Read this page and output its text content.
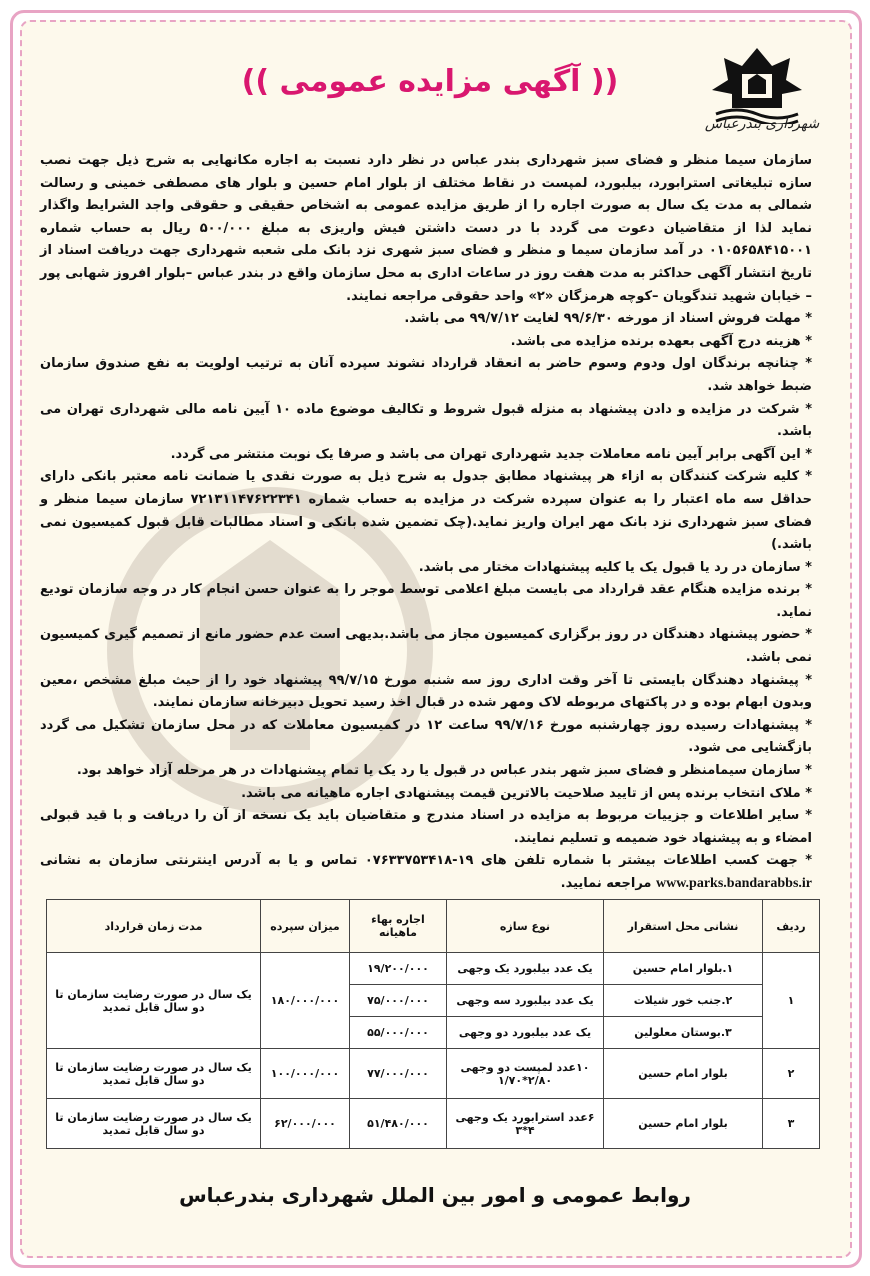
شهرداری بندرعباس
(( آگهی مزایده عمومی ))

سازمان سیما منظر و فضای سبز شهرداری بندر عباس در نظر دارد نسبت به اجاره مکانهایی به شرح ذیل جهت نصب سازه تبلیغاتی استرابورد، بیلبورد، لمپست در نقاط مختلف از بلوار امام حسین و بلوار های مصطفی خمینی و رسالت شمالی به مدت یک سال به صورت اجاره را از طریق مزایده عمومی به اشخاص حقیقی و حقوقی واجد الشرایط واگذار نماید لذا از متقاضیان دعوت می گردد با در دست داشتن فیش واریزی به مبلغ ۵۰۰/۰۰۰ ریال به حساب شماره ۰۱۰۵۶۵۸۴۱۵۰۰۱ در آمد سازمان سیما و منظر و فضای سبز شهری نزد بانک ملی شعبه شهرداری جهت دریافت اسناد از تاریخ انتشار آگهی حداکثر به مدت هفت روز در ساعات اداری به محل سازمان واقع در بندر عباس –بلوار افروز شهابی پور – خیابان شهید تندگویان –کوچه هرمزگان «۲» واحد حقوقی مراجعه نمایند.

* مهلت فروش اسناد از مورخه ۹۹/۶/۳۰ لغایت ۹۹/۷/۱۲ می باشد.

* هزینه درج آگهی بعهده برنده مزایده می باشد.

* چنانچه برندگان اول ودوم وسوم حاضر به انعقاد قرارداد نشوند سپرده آنان به ترتیب اولویت به نفع صندوق سازمان ضبط خواهد شد.

* شرکت در مزایده و دادن پیشنهاد به منزله قبول شروط و تکالیف موضوع ماده ۱۰ آیین نامه مالی شهرداری تهران می باشد.

* این آگهی برابر آیین نامه معاملات جدید شهرداری تهران می باشد و صرفا یک نوبت منتشر می گردد.

* کلیه شرکت کنندگان به ازاء هر پیشنهاد مطابق جدول به شرح ذیل به صورت نقدی یا ضمانت نامه معتبر بانکی دارای حداقل سه ماه اعتبار را به عنوان سپرده شرکت در مزایده به حساب شماره ۷۲۱۳۱۱۴۷۶۲۲۳۴۱ سازمان سیما منظر و فضای سبز شهرداری نزد بانک مهر ایران واریز نماید.(چک تضمین شده بانکی و اسناد مطالبات قابل قبول کمیسیون نمی باشد.)

* سازمان در رد یا قبول یک یا کلیه پیشنهادات مختار می باشد.

* برنده مزایده هنگام عقد قرارداد می بایست مبلغ اعلامی توسط موجر را به عنوان حسن انجام کار در وجه سازمان تودیع نماید.

* حضور پیشنهاد دهندگان در روز برگزاری کمیسیون مجاز می باشد.بدیهی است عدم حضور مانع از تصمیم گیری کمیسیون نمی باشد.

* پیشنهاد دهندگان بایستی تا آخر وقت اداری روز سه شنبه مورخ ۹۹/۷/۱۵ پیشنهاد خود را از حیث مبلغ مشخص ،معین وبدون ابهام بوده و در پاکتهای مربوطه لاک ومهر شده در قبال اخذ رسید تحویل دبیرخانه سازمان نمایند.

* پیشنهادات رسیده روز چهارشنبه مورخ ۹۹/۷/۱۶ ساعت ۱۲ در کمیسیون معاملات که در محل سازمان تشکیل می گردد بازگشایی می شود.

* سازمان سیمامنظر و فضای سبز شهر بندر عباس در قبول یا رد یک یا تمام پیشنهادات در هر مرحله آزاد خواهد بود.

* ملاک انتخاب برنده پس از تایید صلاحیت بالاترین قیمت پیشنهادی اجاره ماهیانه می باشد.

* سایر اطلاعات و جزییات مربوط به مزایده در اسناد مندرج و متقاضیان باید یک نسخه از آن را دریافت و با قید قبولی امضاء و به پیشنهاد خود ضمیمه و تسلیم نمایند.

* جهت کسب اطلاعات بیشتر با شماره تلفن های ۱۹-۰۷۶۳۳۷۵۳۴۱۸ تماس و یا به آدرس اینترنتی سازمان به نشانی www.parks.bandarabbs.ir مراجعه نمایید.

ردیف	نشانی محل استقرار	نوع سازه	اجاره بهاء ماهیانه	میزان سپرده	مدت زمان قرارداد
۱	۱.بلوار امام حسین	یک عدد بیلبورد یک وجهی	۱۹/۲۰۰/۰۰۰	۱۸۰/۰۰۰/۰۰۰	یک سال در صورت رضایت سازمان تا دو سال قابل تمدید
	۲.جنب خور شیلات	یک عدد بیلبورد سه وجهی	۷۵/۰۰۰/۰۰۰		
	۳.بوستان معلولین	یک عدد بیلبورد دو وجهی	۵۵/۰۰۰/۰۰۰		
۲	بلوار امام حسین	۱۰عدد لمپست دو وجهی ۲/۸۰*۱/۷۰	۷۷/۰۰۰/۰۰۰	۱۰۰/۰۰۰/۰۰۰	یک سال در صورت رضایت سازمان تا دو سال قابل تمدید
۳	بلوار امام حسین	۶عدد استرابورد یک وجهی ۴*۳	۵۱/۴۸۰/۰۰۰	۶۲/۰۰۰/۰۰۰	یک سال در صورت رضایت سازمان تا دو سال قابل تمدید
روابط عمومی و امور بین الملل شهرداری بندرعباس
